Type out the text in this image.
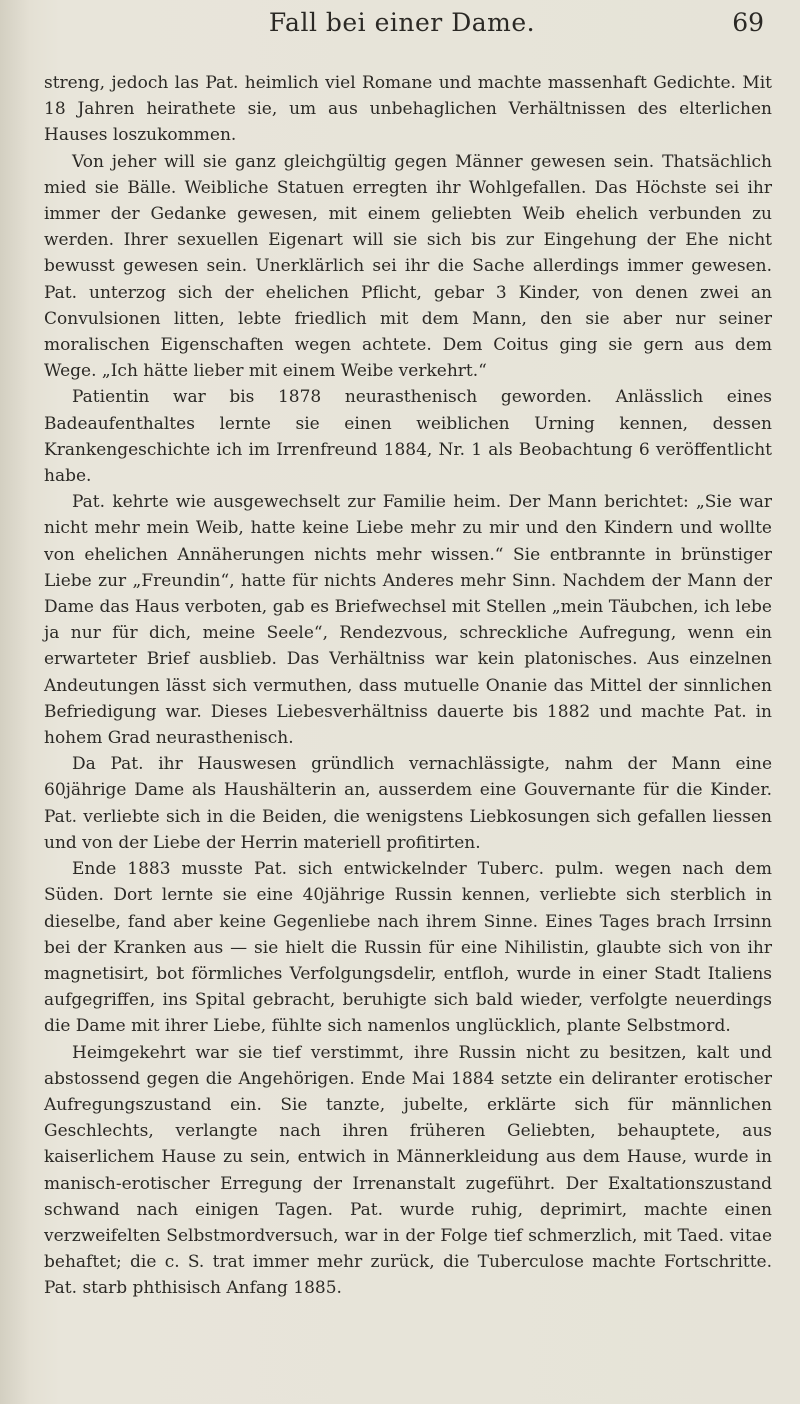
Fall bei einer Dame.	69

streng, jedoch las Pat. heimlich viel Romane und machte massenhaft Gedichte. Mit 18 Jahren heirathete sie, um aus unbehaglichen Verhältnissen des elterlichen Hauses loszukommen.

Von jeher will sie ganz gleichgültig gegen Männer gewesen sein. Thatsächlich mied sie Bälle. Weibliche Statuen erregten ihr Wohlgefallen. Das Höchste sei ihr immer der Gedanke gewesen, mit einem geliebten Weib ehelich verbunden zu werden. Ihrer sexuellen Eigenart will sie sich bis zur Eingehung der Ehe nicht bewusst gewesen sein. Unerklärlich sei ihr die Sache allerdings immer gewesen. Pat. unterzog sich der ehelichen Pflicht, gebar 3 Kinder, von denen zwei an Convulsionen litten, lebte friedlich mit dem Mann, den sie aber nur seiner moralischen Eigenschaften wegen achtete. Dem Coitus ging sie gern aus dem Wege. „Ich hätte lieber mit einem Weibe verkehrt.“

Patientin war bis 1878 neurasthenisch geworden. Anlässlich eines Badeaufenthaltes lernte sie einen weiblichen Urning kennen, dessen Krankengeschichte ich im Irrenfreund 1884, Nr. 1 als Beobachtung 6 veröffentlicht habe.

Pat. kehrte wie ausgewechselt zur Familie heim. Der Mann berichtet: „Sie war nicht mehr mein Weib, hatte keine Liebe mehr zu mir und den Kindern und wollte von ehelichen Annäherungen nichts mehr wissen.“ Sie entbrannte in brünstiger Liebe zur „Freundin“, hatte für nichts Anderes mehr Sinn. Nachdem der Mann der Dame das Haus verboten, gab es Briefwechsel mit Stellen „mein Täubchen, ich lebe ja nur für dich, meine Seele“, Rendezvous, schreckliche Aufregung, wenn ein erwarteter Brief ausblieb. Das Verhältniss war kein platonisches. Aus einzelnen Andeutungen lässt sich vermuthen, dass mutuelle Onanie das Mittel der sinnlichen Befriedigung war. Dieses Liebesverhältniss dauerte bis 1882 und machte Pat. in hohem Grad neurasthenisch.

Da Pat. ihr Hauswesen gründlich vernachlässigte, nahm der Mann eine 60jährige Dame als Haushälterin an, ausserdem eine Gouvernante für die Kinder. Pat. verliebte sich in die Beiden, die wenigstens Liebkosungen sich gefallen liessen und von der Liebe der Herrin materiell profitirten.

Ende 1883 musste Pat. sich entwickelnder Tuberc. pulm. wegen nach dem Süden. Dort lernte sie eine 40jährige Russin kennen, verliebte sich sterblich in dieselbe, fand aber keine Gegenliebe nach ihrem Sinne. Eines Tages brach Irrsinn bei der Kranken aus — sie hielt die Russin für eine Nihilistin, glaubte sich von ihr magnetisirt, bot förmliches Verfolgungsdelir, entfloh, wurde in einer Stadt Italiens aufgegriffen, ins Spital gebracht, beruhigte sich bald wieder, verfolgte neuerdings die Dame mit ihrer Liebe, fühlte sich namenlos unglücklich, plante Selbstmord.

Heimgekehrt war sie tief verstimmt, ihre Russin nicht zu besitzen, kalt und abstossend gegen die Angehörigen. Ende Mai 1884 setzte ein deliranter erotischer Aufregungszustand ein. Sie tanzte, jubelte, erklärte sich für männlichen Geschlechts, verlangte nach ihren früheren Geliebten, behauptete, aus kaiserlichem Hause zu sein, entwich in Männerkleidung aus dem Hause, wurde in manisch-erotischer Erregung der Irrenanstalt zugeführt. Der Exaltationszustand schwand nach einigen Tagen. Pat. wurde ruhig, deprimirt, machte einen verzweifelten Selbstmordversuch, war in der Folge tief schmerzlich, mit Taed. vitae behaftet; die c. S. trat immer mehr zurück, die Tuberculose machte Fortschritte. Pat. starb phthisisch Anfang 1885.
